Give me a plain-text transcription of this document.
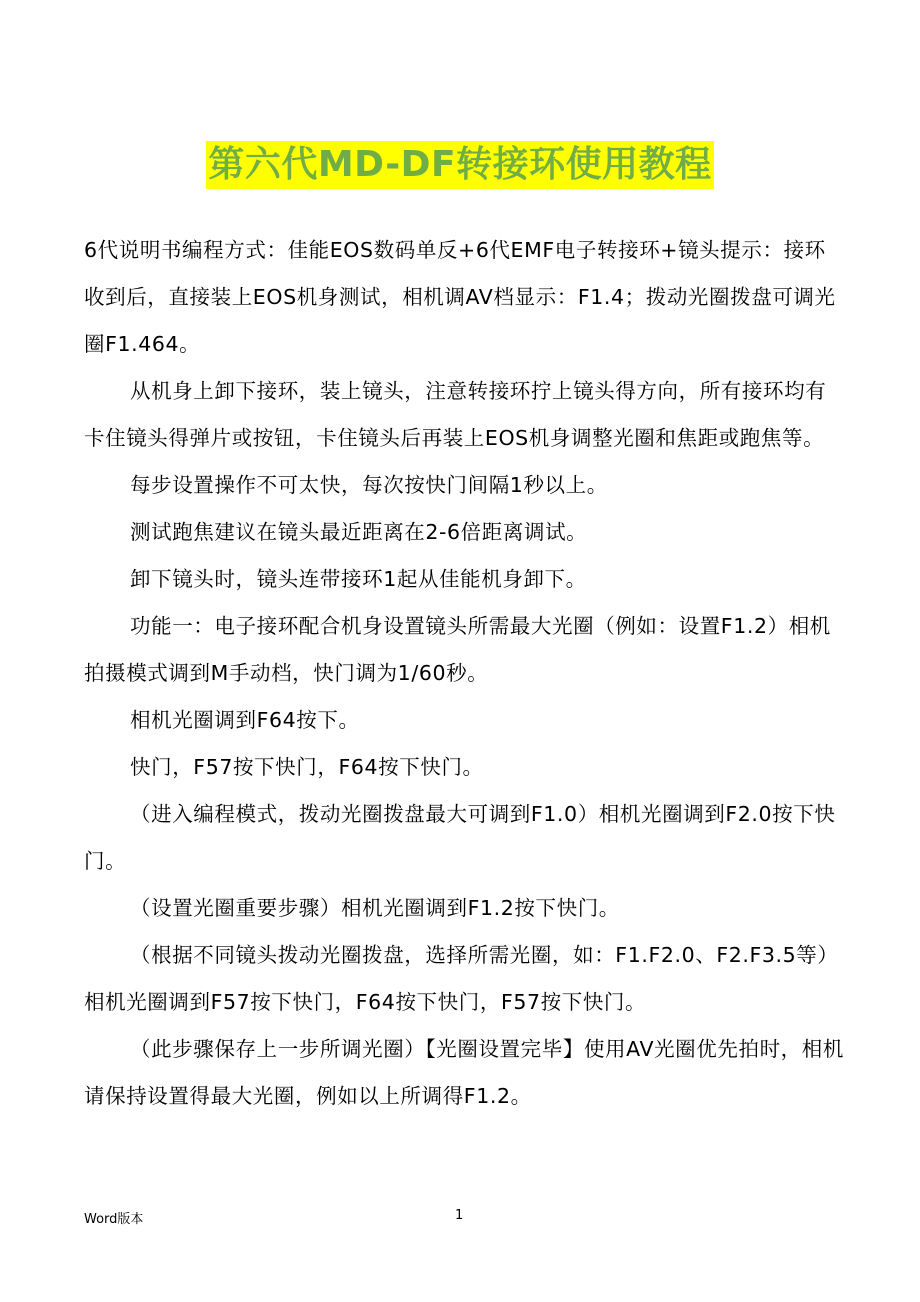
第六代MD-DF转接环使用教程

6代说明书编程方式：佳能EOS数码单反+6代EMF电子转接环+镜头提示：接环收到后，直接装上EOS机身测试，相机调AV档显示：F1.4；拨动光圈拨盘可调光圈F1.464。

从机身上卸下接环，装上镜头，注意转接环拧上镜头得方向，所有接环均有卡住镜头得弹片或按钮，卡住镜头后再装上EOS机身调整光圈和焦距或跑焦等。

每步设置操作不可太快，每次按快门间隔1秒以上。

测试跑焦建议在镜头最近距离在2-6倍距离调试。

卸下镜头时，镜头连带接环1起从佳能机身卸下。

功能一：电子接环配合机身设置镜头所需最大光圈（例如：设置F1.2）相机拍摄模式调到M手动档，快门调为1/60秒。

相机光圈调到F64按下。

快门，F57按下快门，F64按下快门。

（进入编程模式，拨动光圈拨盘最大可调到F1.0）相机光圈调到F2.0按下快门。

（设置光圈重要步骤）相机光圈调到F1.2按下快门。

（根据不同镜头拨动光圈拨盘，选择所需光圈，如：F1.F2.0、F2.F3.5等）相机光圈调到F57按下快门，F64按下快门，F57按下快门。

（此步骤保存上一步所调光圈）【光圈设置完毕】使用AV光圈优先拍时，相机请保持设置得最大光圈，例如以上所调得F1.2。

Word版本	1
